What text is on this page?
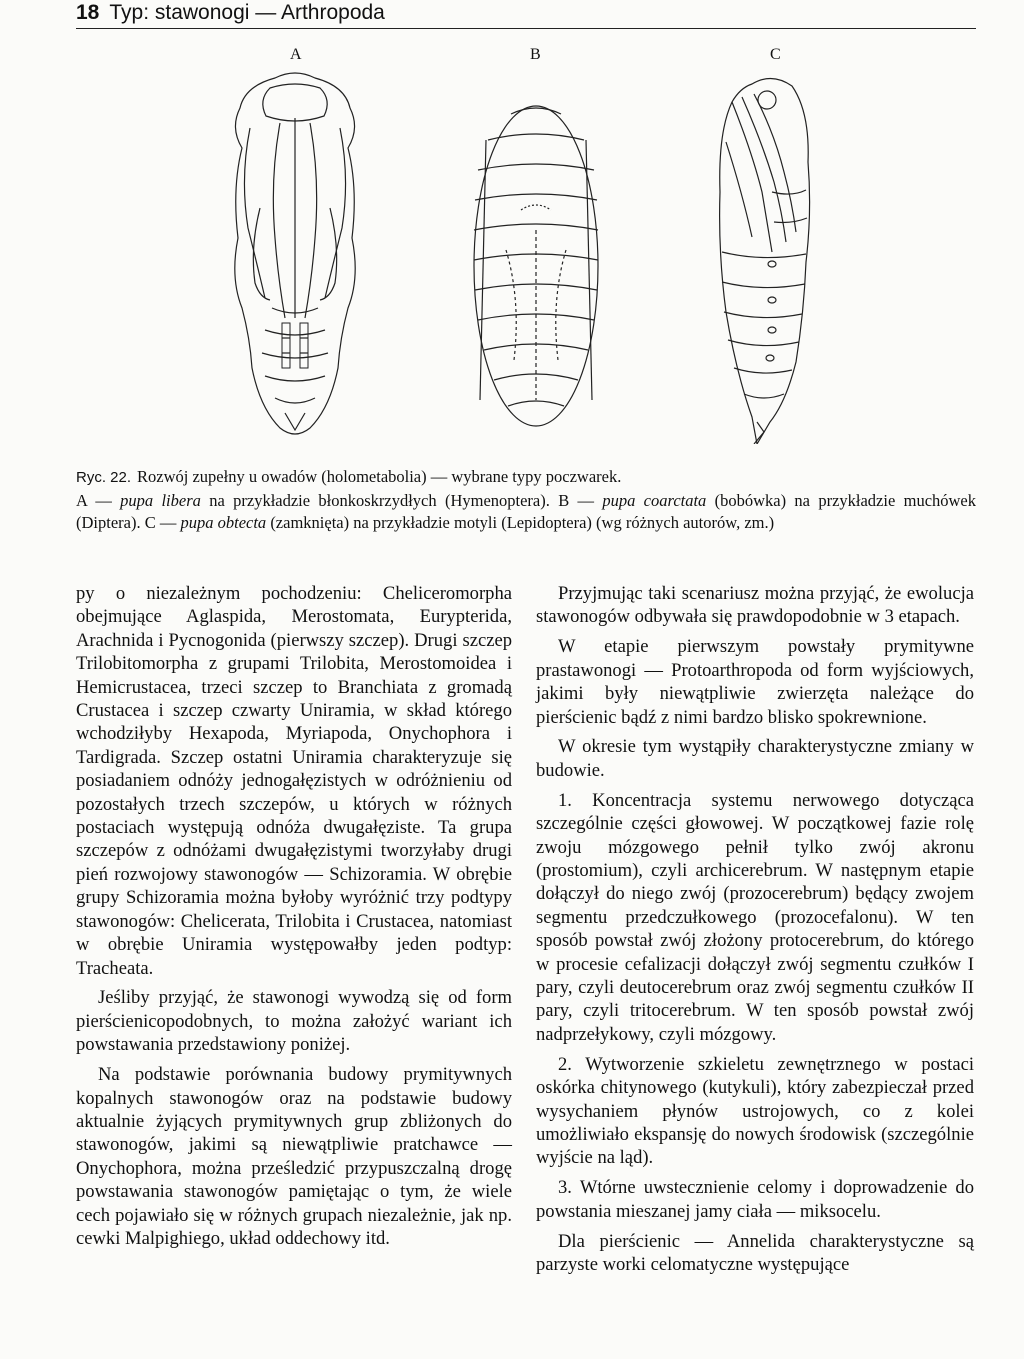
18 Typ: stawonogi — Arthropoda
A	B	C
Ryc. 22. Rozwój zupełny u owadów (holometabolia) — wybrane typy poczwarek.
A — pupa libera na przykładzie błonkoskrzydłych (Hymenoptera). B — pupa coarctata (bobówka) na przykładzie muchówek (Diptera). C — pupa obtecta (zamknięta) na przykładzie motyli (Lepidoptera) (wg różnych autorów, zm.)

py o niezależnym pochodzeniu: Cheliceromorpha obejmujące Aglaspida, Merostomata, Eurypterida, Arachnida i Pycnogonida (pierwszy szczep). Drugi szczep Trilobitomorpha z grupami Trilobita, Merostomoidea i Hemicrustacea, trzeci szczep to Branchiata z gromadą Crustacea i szczep czwarty Uniramia, w skład którego wchodziłyby Hexapoda, Myriapoda, Onychophora i Tardigrada. Szczep ostatni Uniramia charakteryzuje się posiadaniem odnóży jednogałęzistych w odróżnieniu od pozostałych trzech szczepów, u których w różnych postaciach występują odnóża dwugałęziste. Ta grupa szczepów z odnóżami dwugałęzistymi tworzyłaby drugi pień rozwojowy stawonogów — Schizoramia. W obrębie grupy Schizoramia można byłoby wyróżnić trzy podtypy stawonogów: Chelicerata, Trilobita i Crustacea, natomiast w obrębie Uniramia występowałby jeden podtyp: Tracheata.

Jeśliby przyjąć, że stawonogi wywodzą się od form pierścienicopodobnych, to można założyć wariant ich powstawania przedstawiony poniżej.

Na podstawie porównania budowy prymitywnych kopalnych stawonogów oraz na podstawie budowy aktualnie żyjących prymitywnych grup zbliżonych do stawonogów, jakimi są niewątpliwie pratchawce — Onychophora, można prześledzić przypuszczalną drogę powstawania stawonogów pamiętając o tym, że wiele cech pojawiało się w różnych grupach niezależnie, jak np. cewki Malpighiego, układ oddechowy itd.

Przyjmując taki scenariusz można przyjąć, że ewolucja stawonogów odbywała się prawdopodobnie w 3 etapach.

W etapie pierwszym powstały prymitywne prastawonogi — Protoarthropoda od form wyjściowych, jakimi były niewątpliwie zwierzęta należące do pierścienic bądź z nimi bardzo blisko spokrewnione.

W okresie tym wystąpiły charakterystyczne zmiany w budowie.

1. Koncentracja systemu nerwowego dotycząca szczególnie części głowowej. W początkowej fazie rolę zwoju mózgowego pełnił tylko zwój akronu (prostomium), czyli archicerebrum. W następnym etapie dołączył do niego zwój (prozocerebrum) będący zwojem segmentu przedczułkowego (prozocefalonu). W ten sposób powstał zwój złożony protocerebrum, do którego w procesie cefalizacji dołączył zwój segmentu czułków I pary, czyli deutocerebrum oraz zwój segmentu czułków II pary, czyli tritocerebrum. W ten sposób powstał zwój nadprzełykowy, czyli mózgowy.

2. Wytworzenie szkieletu zewnętrznego w postaci oskórka chitynowego (kutykuli), który zabezpieczał przed wysychaniem płynów ustrojowych, co z kolei umożliwiało ekspansję do nowych środowisk (szczególnie wyjście na ląd).

3. Wtórne uwstecznienie celomy i doprowadzenie do powstania mieszanej jamy ciała — miksocelu.

Dla pierścienic — Annelida charakterystyczne są parzyste worki celomatyczne występujące
